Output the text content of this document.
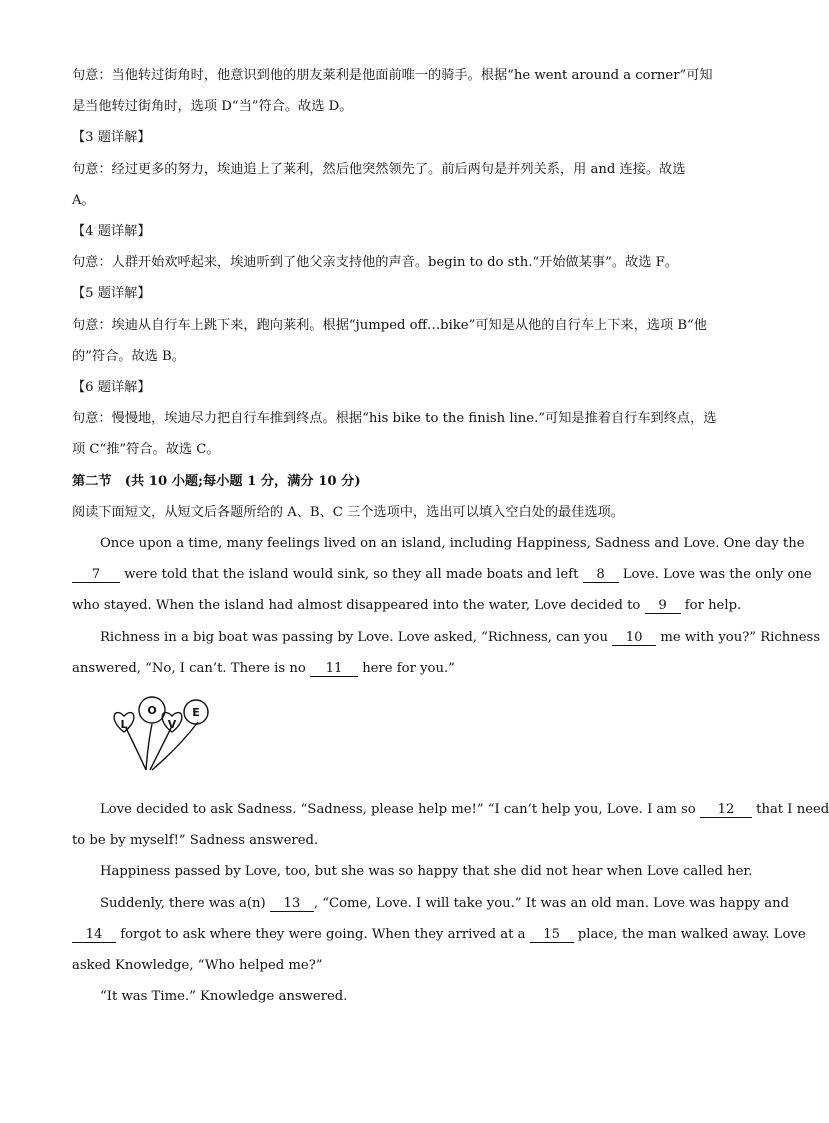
句意：当他转过街角时，他意识到他的朋友莱利是他面前唯一的骑手。根据“he went around a corner”可知

是当他转过街角时，选项 D“当”符合。故选 D。

【3 题详解】

句意：经过更多的努力，埃迪追上了莱利，然后他突然领先了。前后两句是并列关系，用 and 连接。故选

A。

【4 题详解】

句意：人群开始欢呼起来，埃迪听到了他父亲支持他的声音。begin to do sth.“开始做某事”。故选 F。

【5 题详解】

句意：埃迪从自行车上跳下来，跑向莱利。根据“jumped off…bike”可知是从他的自行车上下来，选项 B“他

的”符合。故选 B。

【6 题详解】

句意：慢慢地，埃迪尽力把自行车推到终点。根据“his bike to the finish line.”可知是推着自行车到终点，选

项 C“推”符合。故选 C。

第二节　(共 10 小题;每小题 1 分，满分 10 分)

阅读下面短文，从短文后各题所给的 A、B、C 三个选项中，选出可以填入空白处的最佳选项。

Once upon a time, many feelings lived on an island, including Happiness, Sadness and Love. One day the

7 were told that the island would sink, so they all made boats and left 8 Love. Love was the only one

who stayed. When the island had almost disappeared into the water, Love decided to 9 for help.

Richness in a big boat was passing by Love. Love asked, “Richness, can you 10 me with you?” Richness

answered, “No, I can’t. There is no 11 here for you.”

L
O
V
E

Love decided to ask Sadness. “Sadness, please help me!” “I can’t help you, Love. I am so 12 that I need

to be by myself!” Sadness answered.

Happiness passed by Love, too, but she was so happy that she did not hear when Love called her.

Suddenly, there was a(n) 13 , “Come, Love. I will take you.” It was an old man. Love was happy and

14 forgot to ask where they were going. When they arrived at a 15 place, the man walked away. Love

asked Knowledge, “Who helped me?”

“It was Time.” Knowledge answered.
